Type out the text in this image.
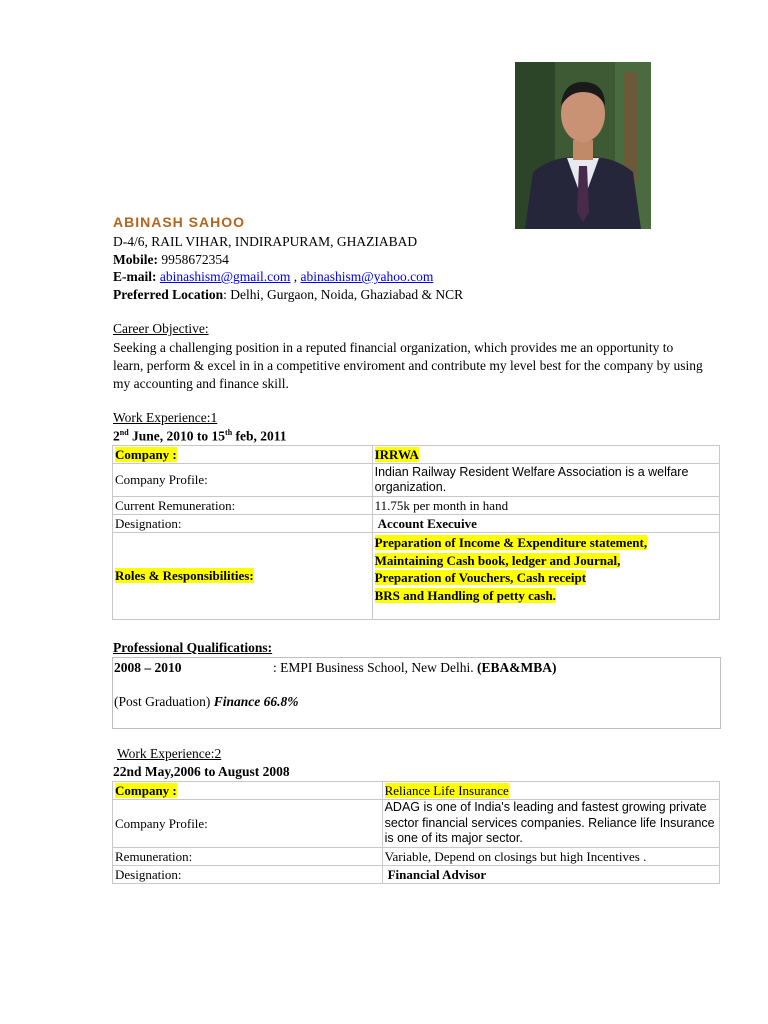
ABINASH SAHOO
D-4/6, RAIL VIHAR, INDIRAPURAM, GHAZIABAD
Mobile: 9958672354
E-mail: abinashism@gmail.com , abinashism@yahoo.com
Preferred Location: Delhi, Gurgaon, Noida, Ghaziabad & NCR
Career Objective:
Seeking a challenging position in a reputed financial organization, which provides me an opportunity to learn, perform & excel in in a competitive enviroment and contribute my level best for the company by using my accounting and finance skill.
Work Experience:1
2nd June, 2010 to 15th feb, 2011
Company :	IRRWA
Company Profile:	Indian Railway Resident Welfare Association is a welfare organization.
Current Remuneration:	11.75k per month in hand
Designation:	Account Execuive
Roles & Responsibilities:	Preparation of Income & Expenditure statement,
Maintaining Cash book, ledger and Journal,
Preparation of Vouchers, Cash receipt
BRS and Handling of petty cash.
Professional Qualifications:
2008 – 2010	: EMPI Business School, New Delhi. (EBA&MBA)
(Post Graduation) Finance 66.8%
Work Experience:2
22nd May,2006 to August 2008
Company :	Reliance Life Insurance
Company Profile:	ADAG is one of India's leading and fastest growing private sector financial services companies. Reliance life Insurance is one of its major sector.
Remuneration:	Variable, Depend on closings but high Incentives .
Designation:	Financial Advisor
